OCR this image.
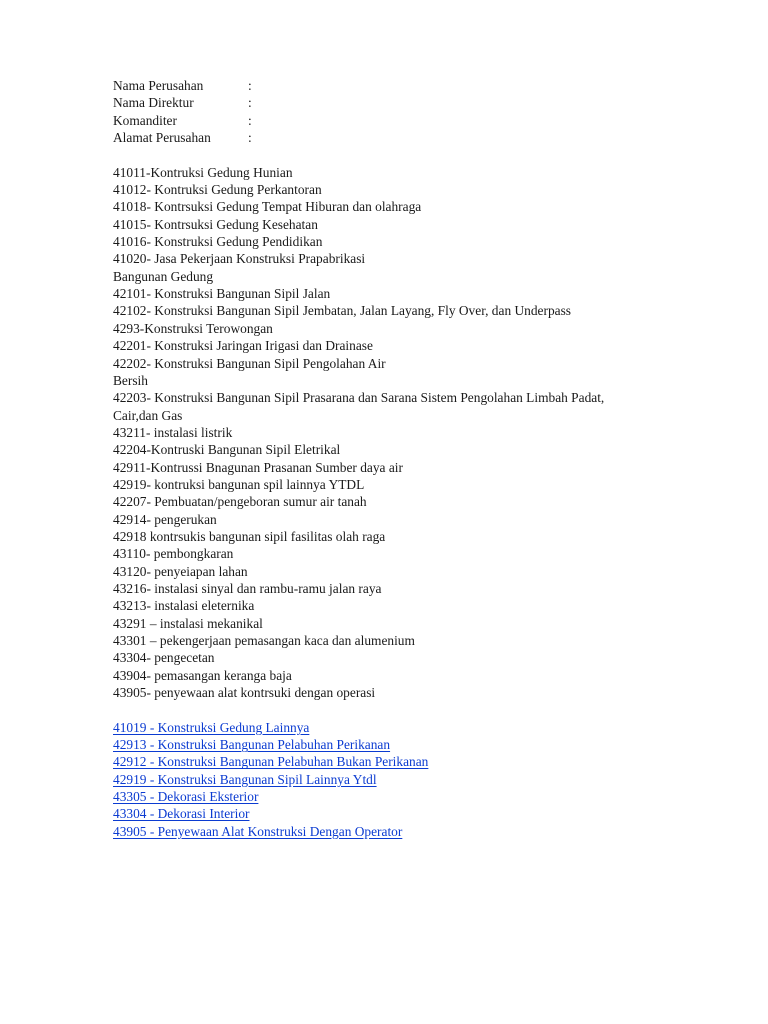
Nama Perusahan	:
Nama Direktur	:
Komanditer	:
Alamat Perusahan	:
41011-Kontruksi Gedung Hunian
41012- Kontruksi Gedung Perkantoran
41018- Kontrsuksi Gedung Tempat Hiburan dan olahraga
41015- Kontrsuksi Gedung Kesehatan
41016- Konstruksi Gedung Pendidikan
41020- Jasa Pekerjaan Konstruksi Prapabrikasi
Bangunan Gedung
42101- Konstruksi Bangunan Sipil Jalan
42102- Konstruksi Bangunan Sipil Jembatan, Jalan Layang, Fly Over, dan Underpass
4293-Konstruksi Terowongan
42201- Konstruksi Jaringan Irigasi dan Drainase
42202- Konstruksi Bangunan Sipil Pengolahan Air
Bersih
42203- Konstruksi Bangunan Sipil Prasarana dan Sarana Sistem Pengolahan Limbah Padat,
Cair,dan Gas
43211- instalasi listrik
42204-Kontruski Bangunan Sipil Eletrikal
42911-Kontrussi Bnagunan Prasanan Sumber daya air
42919- kontruksi bangunan spil lainnya YTDL
42207- Pembuatan/pengeboran sumur air tanah
42914- pengerukan
42918 kontrsukis bangunan sipil fasilitas olah raga
43110- pembongkaran
43120- penyeiapan lahan
43216- instalasi sinyal dan rambu-ramu jalan raya
43213- instalasi eleternika
43291 – instalasi mekanikal
43301 – pekengerjaan pemasangan kaca dan alumenium
43304- pengecetan
43904- pemasangan keranga baja
43905- penyewaan alat kontrsuki dengan operasi
41019 - Konstruksi Gedung Lainnya
42913 - Konstruksi Bangunan Pelabuhan Perikanan
42912 - Konstruksi Bangunan Pelabuhan Bukan Perikanan
42919 - Konstruksi Bangunan Sipil Lainnya Ytdl
43305 - Dekorasi Eksterior
43304 - Dekorasi Interior
43905 - Penyewaan Alat Konstruksi Dengan Operator
